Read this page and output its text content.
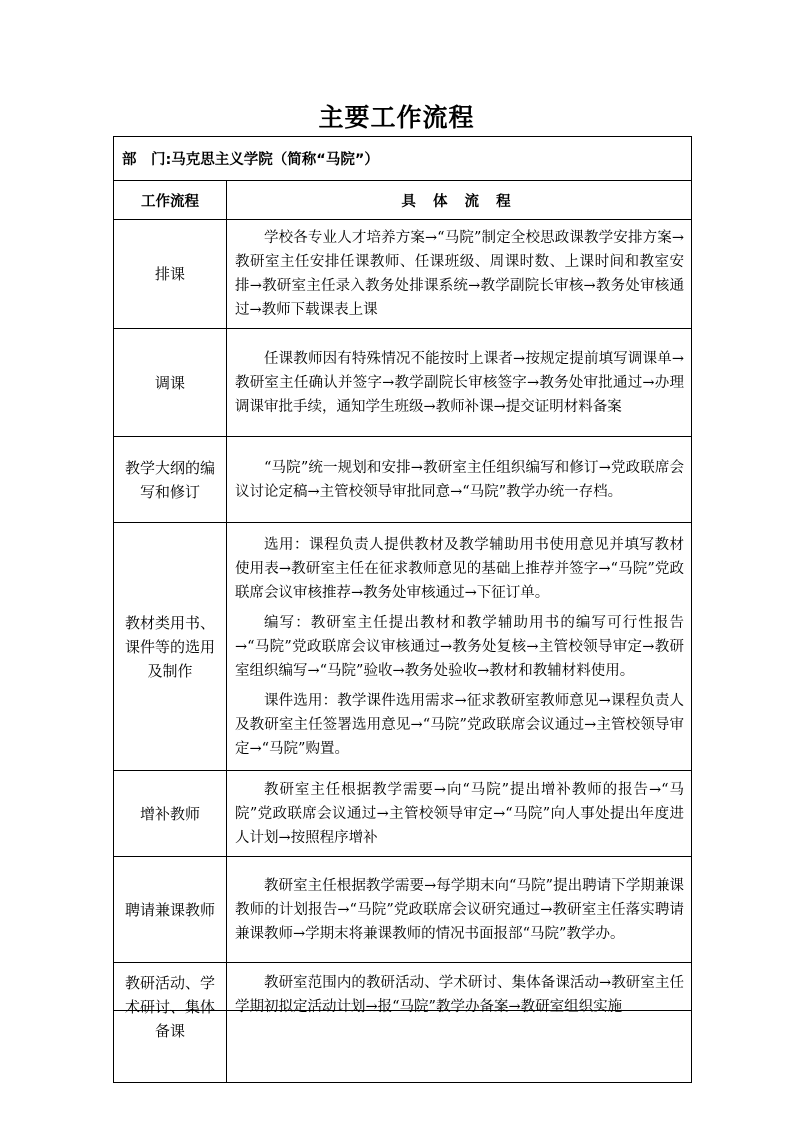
主要工作流程
部　门:马克思主义学院（简称“马院”）	
工作流程	具 体 流 程
排课	学校各专业人才培养方案→“马院”制定全校思政课教学安排方案→教研室主任安排任课教师、任课班级、周课时数、上课时间和教室安排→教研室主任录入教务处排课系统→教学副院长审核→教务处审核通过→教师下载课表上课

调课	任课教师因有特殊情况不能按时上课者→按规定提前填写调课单→教研室主任确认并签字→教学副院长审核签字→教务处审批通过→办理调课审批手续，通知学生班级→教师补课→提交证明材料备案

教学大纲的编写和修订	“马院”统一规划和安排→教研室主任组织编写和修订→党政联席会议讨论定稿→主管校领导审批同意→“马院”教学办统一存档。

教材类用书、课件等的选用及制作	选用：课程负责人提供教材及教学辅助用书使用意见并填写教材使用表→教研室主任在征求教师意见的基础上推荐并签字→“马院”党政联席会议审核推荐→教务处审核通过→下征订单。

编写：教研室主任提出教材和教学辅助用书的编写可行性报告→“马院”党政联席会议审核通过→教务处复核→主管校领导审定→教研室组织编写→“马院”验收→教务处验收→教材和教辅材料使用。

课件选用：教学课件选用需求→征求教研室教师意见→课程负责人及教研室主任签署选用意见→“马院”党政联席会议通过→主管校领导审定→“马院”购置。

增补教师	教研室主任根据教学需要→向“马院”提出增补教师的报告→“马院”党政联席会议通过→主管校领导审定→“马院”向人事处提出年度进人计划→按照程序增补

聘请兼课教师	教研室主任根据教学需要→每学期末向“马院”提出聘请下学期兼课教师的计划报告→“马院”党政联席会议研究通过→教研室主任落实聘请兼课教师→学期末将兼课教师的情况书面报部“马院”教学办。

教研活动、学术研讨、集体备课	教研室范围内的教研活动、学术研讨、集体备课活动→教研室主任学期初拟定活动计划→报“马院”教学办备案→教研室组织实施
